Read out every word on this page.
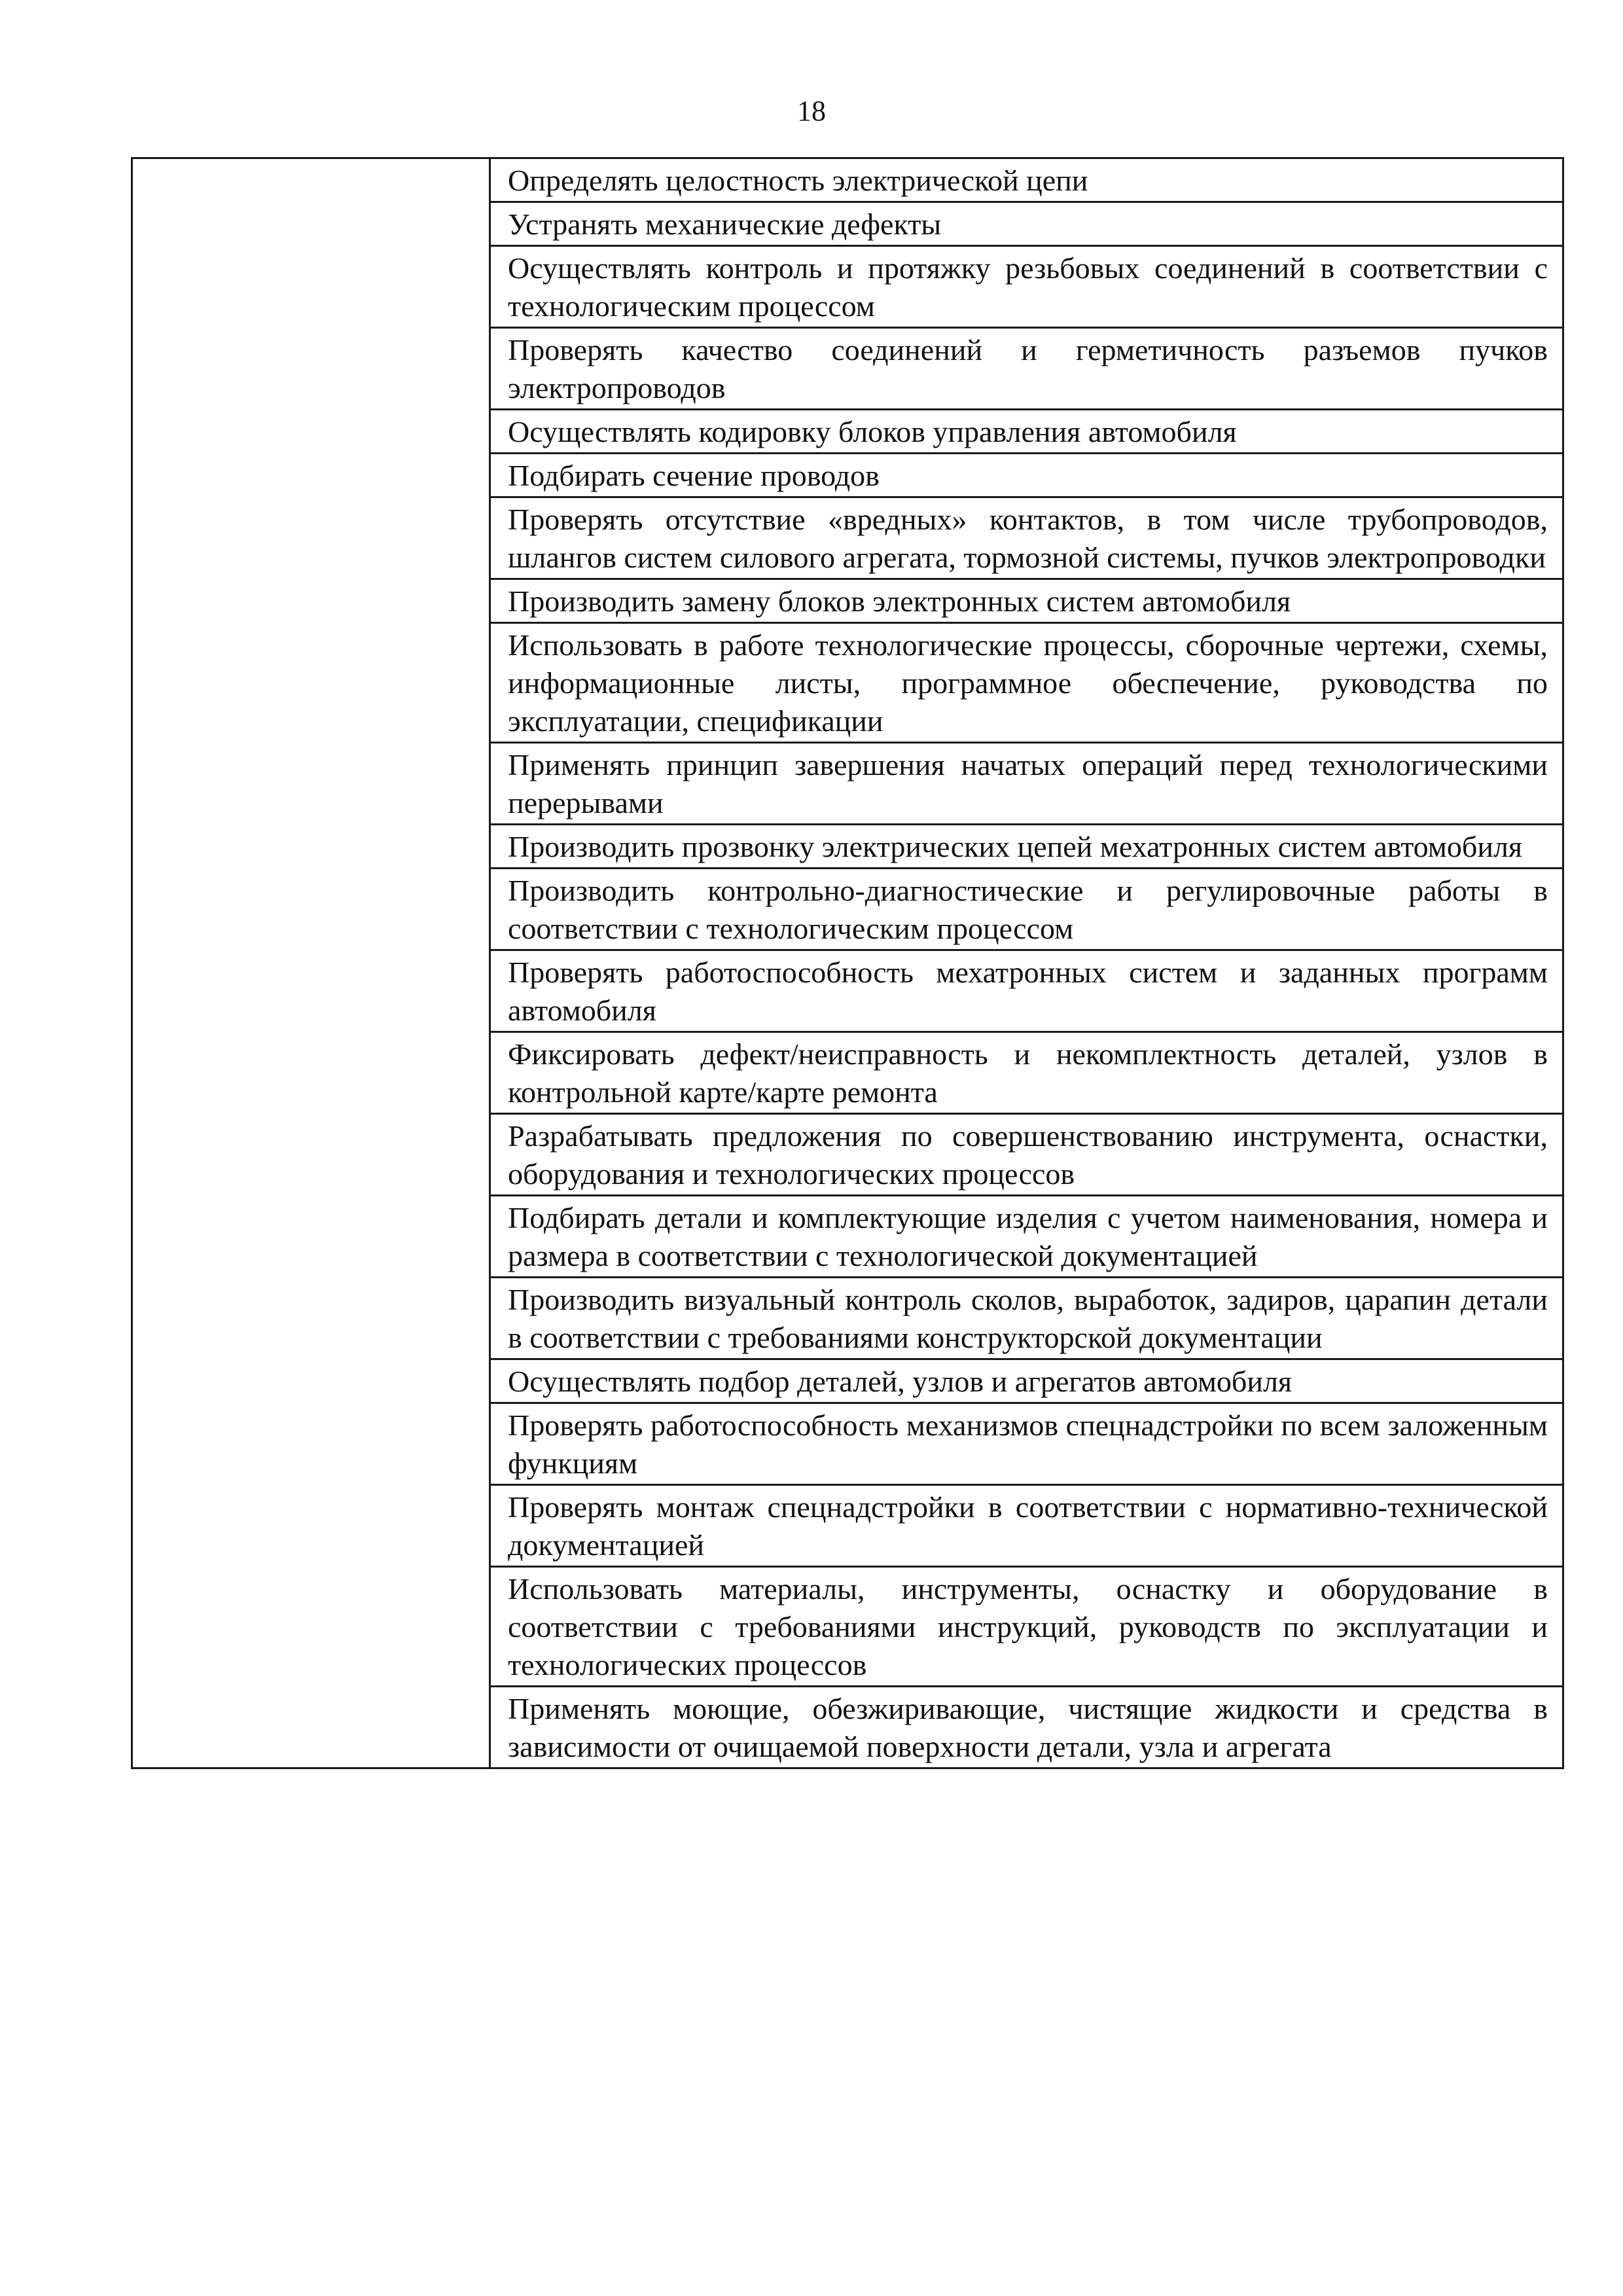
18
	Определять целостность электрической цепи
Устранять механические дефекты
Осуществлять контроль и протяжку резьбовых соединений в соответствии с технологическим процессом
Проверять качество соединений и герметичность разъемов пучков электропроводов
Осуществлять кодировку блоков управления автомобиля
Подбирать сечение проводов
Проверять отсутствие «вредных» контактов, в том числе трубопроводов, шлангов систем силового агрегата, тормозной системы, пучков электропроводки
Производить замену блоков электронных систем автомобиля
Использовать в работе технологические процессы, сборочные чертежи, схемы, информационные листы, программное обеспечение, руководства по эксплуатации, спецификации
Применять принцип завершения начатых операций перед технологическими перерывами
Производить прозвонку электрических цепей мехатронных систем автомобиля
Производить контрольно-диагностические и регулировочные работы в соответствии с технологическим процессом
Проверять работоспособность мехатронных систем и заданных программ автомобиля
Фиксировать дефект/неисправность и некомплектность деталей, узлов в контрольной карте/карте ремонта
Разрабатывать предложения по совершенствованию инструмента, оснастки, оборудования и технологических процессов
Подбирать детали и комплектующие изделия с учетом наименования, номера и размера в соответствии с технологической документацией
Производить визуальный контроль сколов, выработок, задиров, царапин детали в соответствии с требованиями конструкторской документации
Осуществлять подбор деталей, узлов и агрегатов автомобиля
Проверять работоспособность механизмов спецнадстройки по всем заложенным функциям
Проверять монтаж спецнадстройки в соответствии с нормативно-технической документацией
Использовать материалы, инструменты, оснастку и оборудование в соответствии с требованиями инструкций, руководств по эксплуатации и технологических процессов
Применять моющие, обезжиривающие, чистящие жидкости и средства в зависимости от очищаемой поверхности детали, узла и агрегата
